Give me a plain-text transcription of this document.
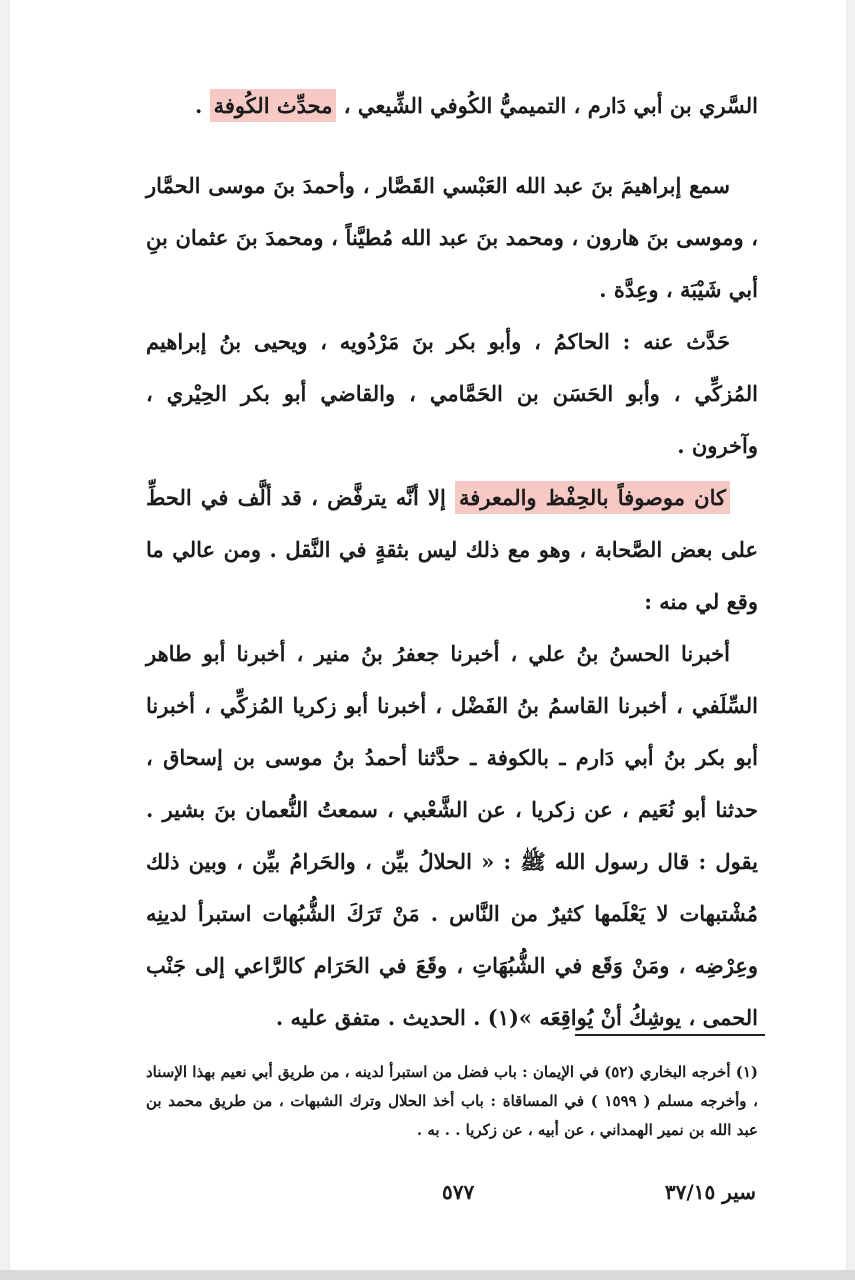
السَّري بن أبي دَارم ، التميميُّ الكُوفي الشِّيعي ، محدِّث الكُوفة .
سمع إبراهيمَ بنَ عبد الله العَبْسي القَصَّار ، وأحمدَ بنَ موسى الحمَّار ، وموسى بنَ هارون ، ومحمد بنَ عبد الله مُطيَّناً ، ومحمدَ بنَ عثمان بنِ أبي شَيْبَة ، وعِدَّة .
حَدَّث عنه : الحاكمُ ، وأبو بكر بنَ مَرْدُويه ، ويحيى بنُ إبراهيم المُزكِّي ، وأبو الحَسَن بن الحَمَّامي ، والقاضي أبو بكر الحِيْري ، وآخرون .
كان موصوفاً بالحِفْظ والمعرفة إلا أنَّه يترفَّض ، قد ألَّف في الحطِّ على بعض الصَّحابة ، وهو مع ذلك ليس بثقةٍ في النَّقل . ومن عالي ما وقع لي منه :
أخبرنا الحسنُ بنُ علي ، أخبرنا جعفرُ بنُ منير ، أخبرنا أبو طاهر السِّلَفي ، أخبرنا القاسمُ بنُ الفَضْل ، أخبرنا أبو زكريا المُزكِّي ، أخبرنا أبو بكر بنُ أبي دَارم ـ بالكوفة ـ حدَّثنا أحمدُ بنُ موسى بن إسحاق ، حدثنا أبو نُعَيم ، عن زكريا ، عن الشَّعْبي ، سمعتُ النُّعمان بنَ بشير . يقول : قال رسول الله ﷺ : « الحلالُ بيِّن ، والحَرامُ بيِّن ، وبين ذلك مُشْتبهات لا يَعْلَمها كثيرٌ من النَّاس . مَنْ تَرَكَ الشُّبُهات استبرأ لدينِه وعِرْضِه ، ومَنْ وَقَع في الشُّبُهَاتِ ، وقَعَ في الحَرَام كالرَّاعي إلى جَنْب الحمى ، يوشِكُ أنْ يُواقِعَه »(١) . الحديث . متفق عليه .
(١) أخرجه البخاري (٥٢) في الإيمان : باب فضل من استبرأ لدينه ، من طريق أبي نعيم بهذا الإسناد ، وأخرجه مسلم ( ١٥٩٩ ) في المساقاة : باب أخذ الحلال وترك الشبهات ، من طريق محمد بن عبد الله بن نمير الهمداني ، عن أبيه ، عن زكريا . . به .
٥٧٧	سير ٣٧/١٥
